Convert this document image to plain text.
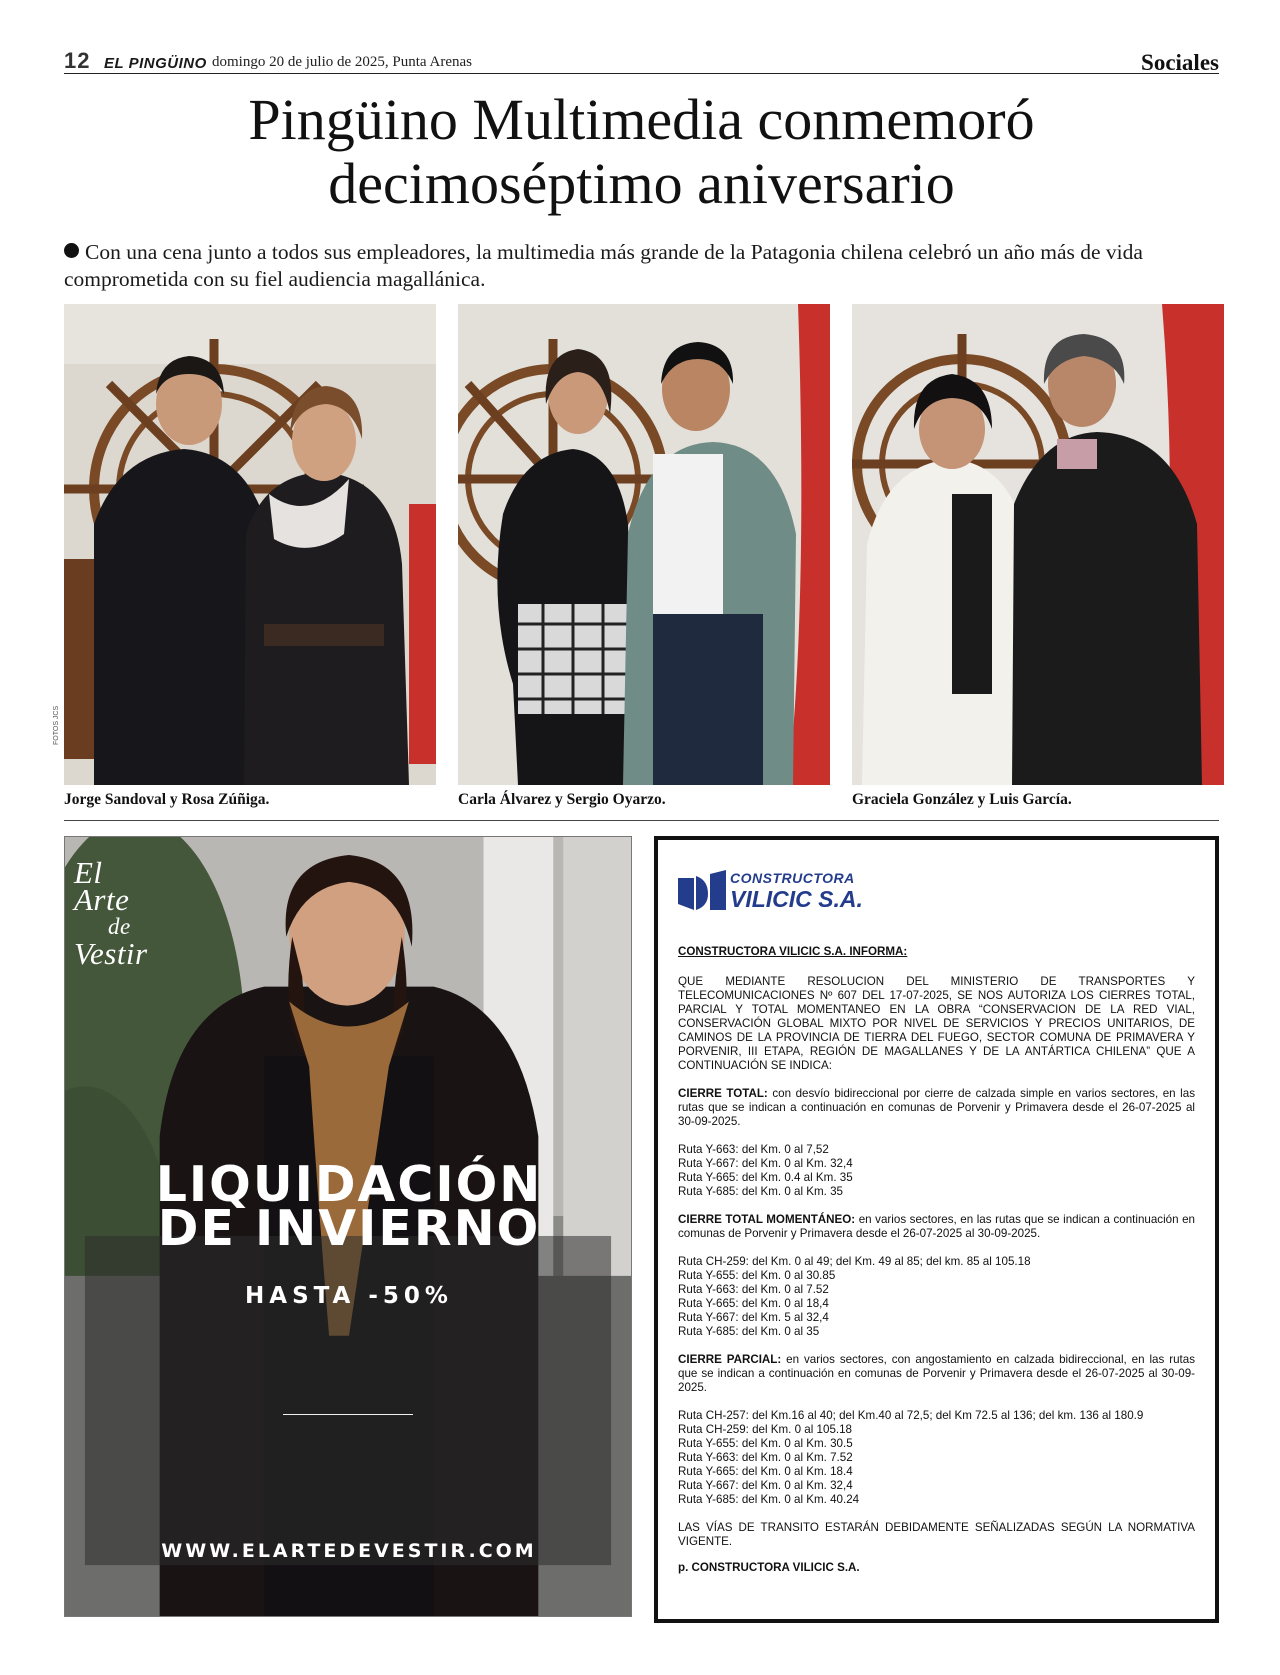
12 EL PINGÜINO domingo 20 de julio de 2025, Punta Arenas	Sociales
Pingüino Multimedia conmemoró
decimoséptimo aniversario

Con una cena junto a todos sus empleadores, la multimedia más grande de la Patagonia chilena celebró un año más de vida comprometida con su fiel audiencia magallánica.

FOTOS JCS
Jorge Sandoval y Rosa Zúñiga.	Carla Álvarez y Sergio Oyarzo.	Graciela González y Luis García.
El
Arte
de
Vestir
LIQUIDACIÓN
DE INVIERNO
HASTA -50%
WWW.ELARTEDEVESTIR.COM
CONSTRUCTORA
VILICIC S.A.

CONSTRUCTORA VILICIC S.A. INFORMA:

QUE MEDIANTE RESOLUCION DEL MINISTERIO DE TRANSPORTES Y TELECOMUNICACIONES Nº 607 DEL 17-07-2025, SE NOS AUTORIZA LOS CIERRES TOTAL, PARCIAL Y TOTAL MOMENTANEO EN LA OBRA “CONSERVACION DE LA RED VIAL, CONSERVACIÓN GLOBAL MIXTO POR NIVEL DE SERVICIOS Y PRECIOS UNITARIOS, DE CAMINOS DE LA PROVINCIA DE TIERRA DEL FUEGO, SECTOR COMUNA DE PRIMAVERA Y PORVENIR, III ETAPA, REGIÓN DE MAGALLANES Y DE LA ANTÁRTICA CHILENA” QUE A CONTINUACIÓN SE INDICA:

CIERRE TOTAL: con desvío bidireccional por cierre de calzada simple en varios sectores, en las rutas que se indican a continuación en comunas de Porvenir y Primavera desde el 26-07-2025 al 30-09-2025.

Ruta Y-663: del Km. 0 al 7,52
Ruta Y-667: del Km. 0 al Km. 32,4
Ruta Y-665: del Km. 0.4 al Km. 35
Ruta Y-685: del Km. 0 al Km. 35

CIERRE TOTAL MOMENTÁNEO: en varios sectores, en las rutas que se indican a continuación en comunas de Porvenir y Primavera desde el 26-07-2025 al 30-09-2025.

Ruta CH-259: del Km. 0 al 49; del Km. 49 al 85; del km. 85 al 105.18
Ruta Y-655: del Km. 0 al 30.85
Ruta Y-663: del Km. 0 al 7.52
Ruta Y-665: del Km. 0 al 18,4
Ruta Y-667: del Km. 5 al 32,4
Ruta Y-685: del Km. 0 al 35

CIERRE PARCIAL: en varios sectores, con angostamiento en calzada bidireccional, en las rutas que se indican a continuación en comunas de Porvenir y Primavera desde el 26-07-2025 al 30-09-2025.

Ruta CH-257: del Km.16 al 40; del Km.40 al 72,5; del Km 72.5 al 136; del km. 136 al 180.9
Ruta CH-259: del Km. 0 al 105.18
Ruta Y-655: del Km. 0 al Km. 30.5
Ruta Y-663: del Km. 0 al Km. 7.52
Ruta Y-665: del Km. 0 al Km. 18.4
Ruta Y-667: del Km. 0 al Km. 32,4
Ruta Y-685: del Km. 0 al Km. 40.24

LAS VÍAS DE TRANSITO ESTARÁN DEBIDAMENTE SEÑALIZADAS SEGÚN LA NORMATIVA VIGENTE.

p. CONSTRUCTORA VILICIC S.A.
